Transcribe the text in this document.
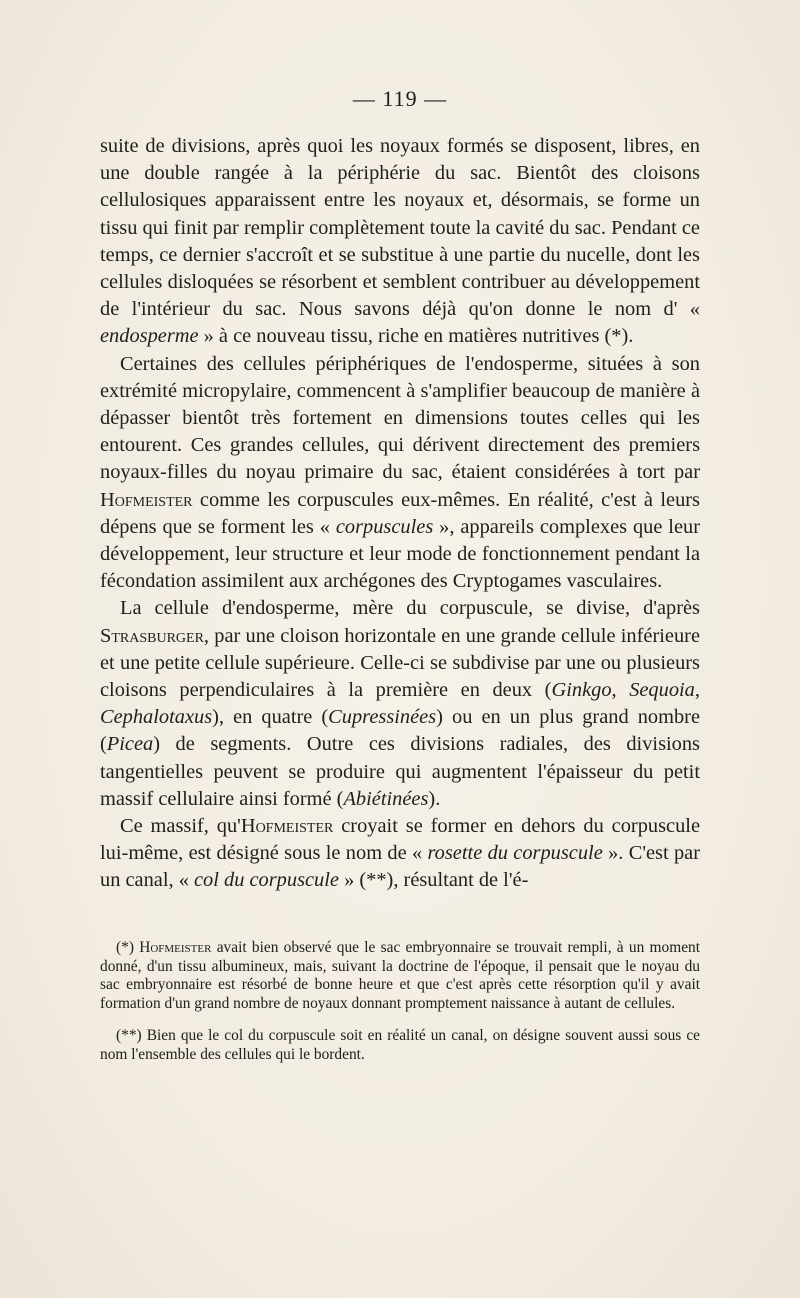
— 119 —

suite de divisions, après quoi les noyaux formés se disposent, libres, en une double rangée à la périphérie du sac. Bientôt des cloisons cellulosiques apparaissent entre les noyaux et, désormais, se forme un tissu qui finit par remplir complètement toute la cavité du sac. Pendant ce temps, ce dernier s'accroît et se substitue à une partie du nucelle, dont les cellules disloquées se résorbent et semblent contribuer au développement de l'intérieur du sac. Nous savons déjà qu'on donne le nom d' « endosperme » à ce nouveau tissu, riche en matières nutritives (*).

Certaines des cellules périphériques de l'endosperme, situées à son extrémité micropylaire, commencent à s'amplifier beaucoup de manière à dépasser bientôt très fortement en dimensions toutes celles qui les entourent. Ces grandes cellules, qui dérivent directement des premiers noyaux-filles du noyau primaire du sac, étaient considérées à tort par Hofmeister comme les corpuscules eux-mêmes. En réalité, c'est à leurs dépens que se forment les « corpuscules », appareils complexes que leur développement, leur structure et leur mode de fonctionnement pendant la fécondation assimilent aux archégones des Cryptogames vasculaires.

La cellule d'endosperme, mère du corpuscule, se divise, d'après Strasburger, par une cloison horizontale en une grande cellule inférieure et une petite cellule supérieure. Celle-ci se subdivise par une ou plusieurs cloisons perpendiculaires à la première en deux (Ginkgo, Sequoia, Cephalotaxus), en quatre (Cupressinées) ou en un plus grand nombre (Picea) de segments. Outre ces divisions radiales, des divisions tangentielles peuvent se produire qui augmentent l'épaisseur du petit massif cellulaire ainsi formé (Abiétinées).

Ce massif, qu'Hofmeister croyait se former en dehors du corpuscule lui-même, est désigné sous le nom de « rosette du corpuscule ». C'est par un canal, « col du corpuscule » (**), résultant de l'é-

(*) Hofmeister avait bien observé que le sac embryonnaire se trouvait rempli, à un moment donné, d'un tissu albumineux, mais, suivant la doctrine de l'époque, il pensait que le noyau du sac embryonnaire est résorbé de bonne heure et que c'est après cette résorption qu'il y avait formation d'un grand nombre de noyaux donnant promptement naissance à autant de cellules.

(**) Bien que le col du corpuscule soit en réalité un canal, on désigne souvent aussi sous ce nom l'ensemble des cellules qui le bordent.
